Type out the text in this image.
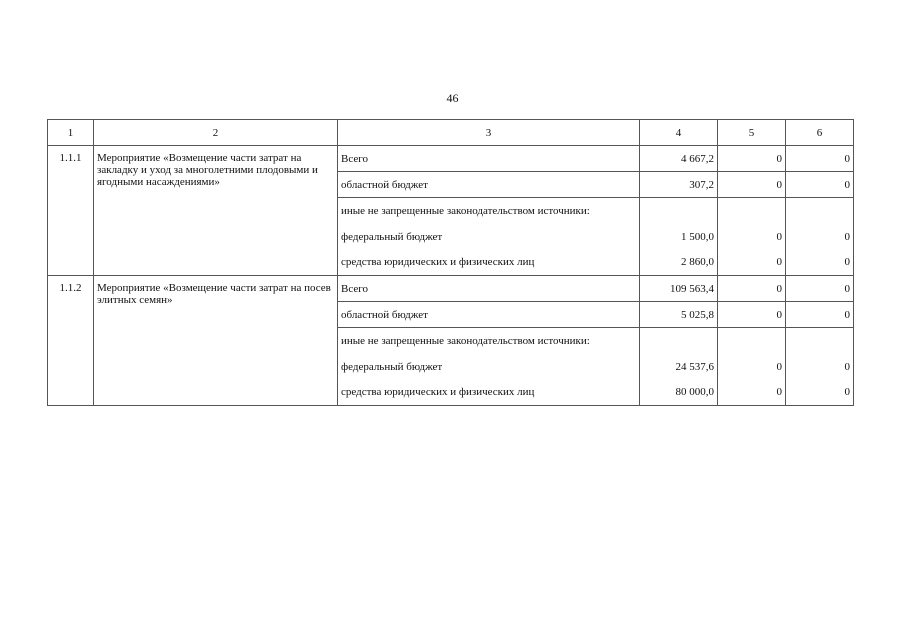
46
1	2	3	4	5	6
1.1.1	Мероприятие «Возмещение части затрат на закладку и уход за многолетними плодовыми и ягодными насаждениями»	Всего	4 667,2	0	0
		областной бюджет	307,2	0	0
		иные не запрещенные законодательством источники:			
		федеральный бюджет	1 500,0	0	0
		средства юридических и физических лиц	2 860,0	0	0
1.1.2	Мероприятие «Возмещение части затрат на посев элитных семян»	Всего	109 563,4	0	0
		областной бюджет	5 025,8	0	0
		иные не запрещенные законодательством источники:			
		федеральный бюджет	24 537,6	0	0
		средства юридических и физических лиц	80 000,0	0	0
